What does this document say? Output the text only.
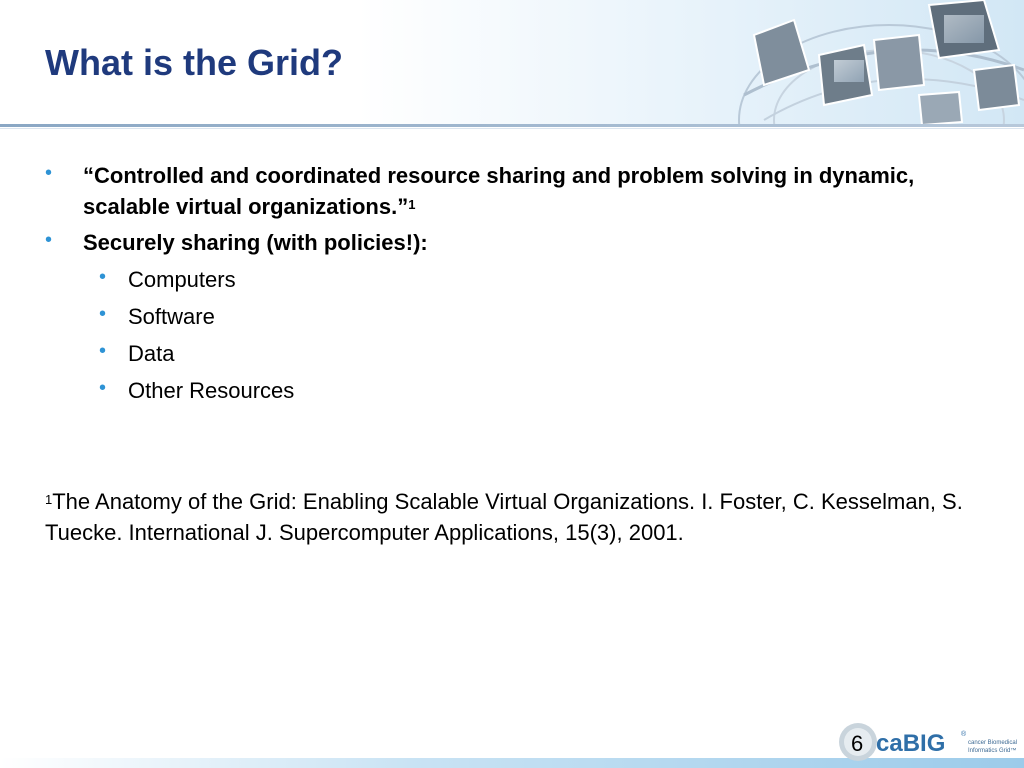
What is the Grid?
• “Controlled and coordinated resource sharing and problem solving in dynamic, scalable virtual organizations.”$^1$
• Securely sharing (with policies!):
• Computers
• Software
• Data
• Other Resources
$^1$The Anatomy of the Grid: Enabling Scalable Virtual Organizations. I. Foster, C. Kesselman, S. Tuecke. International J. Supercomputer Applications, 15(3), 2001.
caBIG ®
cancer Biomedical
Informatics Grid™
6
